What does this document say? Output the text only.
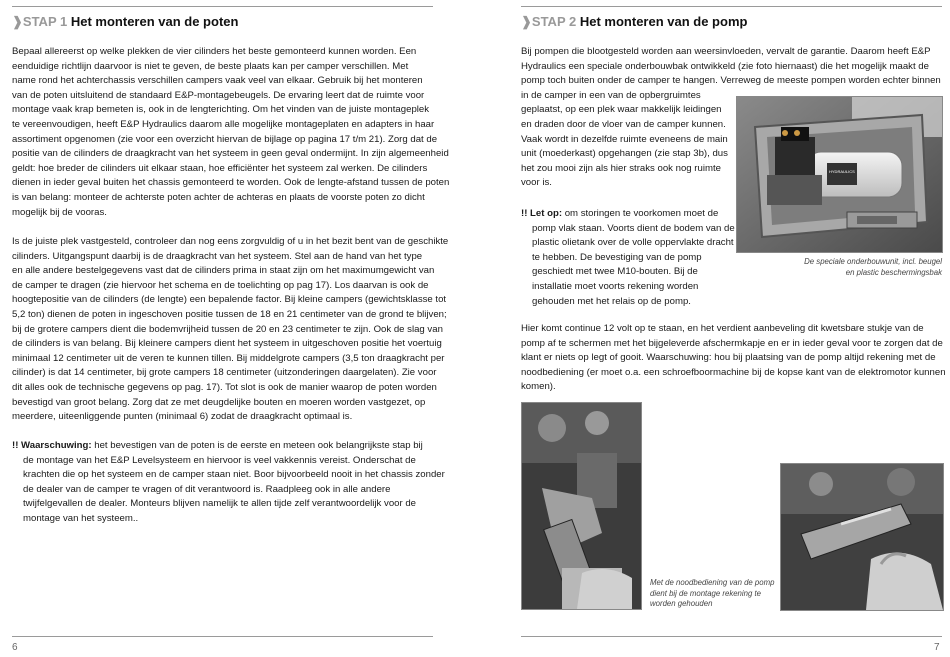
❱STAP 1 Het monteren van de poten
Bepaal allereerst op welke plekken de vier cilinders het beste gemonteerd kunnen worden. Een
eenduidige richtlijn daarvoor is niet te geven, de beste plaats kan per camper verschillen. Met
name rond het achterchassis verschillen campers vaak veel van elkaar. Gebruik bij het monteren
van de poten uitsluitend de standaard E&P-montagebeugels. De ervaring leert dat de ruimte voor
montage vaak krap bemeten is, ook in de lengterichting. Om het vinden van de juiste montageplek
te vereenvoudigen, heeft E&P Hydraulics daarom alle mogelijke montageplaten en adapters in haar
assortiment opgenomen (zie voor een overzicht hiervan de bijlage op pagina 17 t/m 21). Zorg dat de
positie van de cilinders de draagkracht van het systeem in geen geval ondermijnt. In zijn algemeenheid
geldt: hoe breder de cilinders uit elkaar staan, hoe efficiënter het systeem zal werken. De cilinders
dienen in ieder geval buiten het chassis gemonteerd te worden. Ook de lengte-afstand tussen de poten
is van belang: monteer de achterste poten achter de achteras en plaats de voorste poten zo dicht
mogelijk bij de vooras.
Is de juiste plek vastgesteld, controleer dan nog eens zorgvuldig of u in het bezit bent van de geschikte
cilinders. Uitgangspunt daarbij is de draagkracht van het systeem. Stel aan de hand van het type
en alle andere bestelgegevens vast dat de cilinders prima in staat zijn om het maximumgewicht van
de camper te dragen (zie hiervoor het schema en de toelichting op pag 17). Los daarvan is ook de
hoogtepositie van de cilinders (de lengte) een bepalende factor. Bij kleine campers (gewichtsklasse tot
5,2 ton) dienen de poten in ingeschoven positie tussen de 18 en 21 centimeter van de grond te blijven;
bij de grotere campers dient die bodemvrijheid tussen de 20 en 23 centimeter te zijn. Ook de slag van
de cilinders is van belang. Bij kleinere campers dient het systeem in uitgeschoven positie het voertuig
minimaal 12 centimeter uit de veren te kunnen tillen. Bij middelgrote campers (3,5 ton draagkracht per
cilinder) is dat 14 centimeter, bij grote campers 18 centimeter (uitzonderingen daargelaten). Zie voor
dit alles ook de technische gegevens op pag. 17). Tot slot is ook de manier waarop de poten worden
bevestigd van groot belang. Zorg dat ze met deugdelijke bouten en moeren worden vastgezet, op
meerdere, uiteenliggende punten (minimaal 6) zodat de draagkracht optimaal is.
!! Waarschuwing: het bevestigen van de poten is de eerste en meteen ook belangrijkste stap bij
de montage van het E&P Levelsysteem en hiervoor is veel vakkennis vereist. Onderschat de
krachten die op het systeem en de camper staan niet. Boor bijvoorbeeld nooit in het chassis zonder
de dealer van de camper te vragen of dit verantwoord is. Raadpleeg ook in alle andere
twijfelgevallen de dealer. Monteurs blijven namelijk te allen tijde zelf verantwoordelijk voor de
montage van het systeem..
❱STAP 2 Het monteren van de pomp
Bij pompen die blootgesteld worden aan weersinvloeden, vervalt de garantie. Daarom heeft E&P
Hydraulics een speciale onderbouwbak ontwikkeld (zie foto hiernaast) die het mogelijk maakt de
pomp toch buiten onder de camper te hangen. Verreweg de meeste pompen worden echter binnen
in de camper in een van de opbergruimtes
geplaatst, op een plek waar makkelijk leidingen
en draden door de vloer van de camper kunnen.
Vaak wordt in dezelfde ruimte eveneens de main
unit (moederkast) opgehangen (zie stap 3b), dus
het zou mooi zijn als hier straks ook nog ruimte
voor is.
!! Let op: om storingen te voorkomen moet de
pomp vlak staan. Voorts dient de bodem van de
plastic olietank over de volle oppervlakte dracht
te hebben. De bevestiging van de pomp
geschiedt met twee M10-bouten. Bij de
installatie moet voorts rekening worden
gehouden met het relais op de pomp.
Hier komt continue 12 volt op te staan, en het verdient aanbeveling dit kwetsbare stukje van de
pomp af te schermen met het bijgeleverde afschermkapje en er in ieder geval voor te zorgen dat de
klant er niets op legt of gooit. Waarschuwing: hou bij plaatsing van de pomp altijd rekening met de
noodbediening (er moet o.a. een schroefboormachine bij de kopse kant van de elektromotor kunnen
komen).
HYDRAULICS
De speciale onderbouwunit, incl. beugel
en plastic beschermingsbak
Met de noodbediening van de pomp
dient bij de montage rekening te
worden gehouden
6	7
